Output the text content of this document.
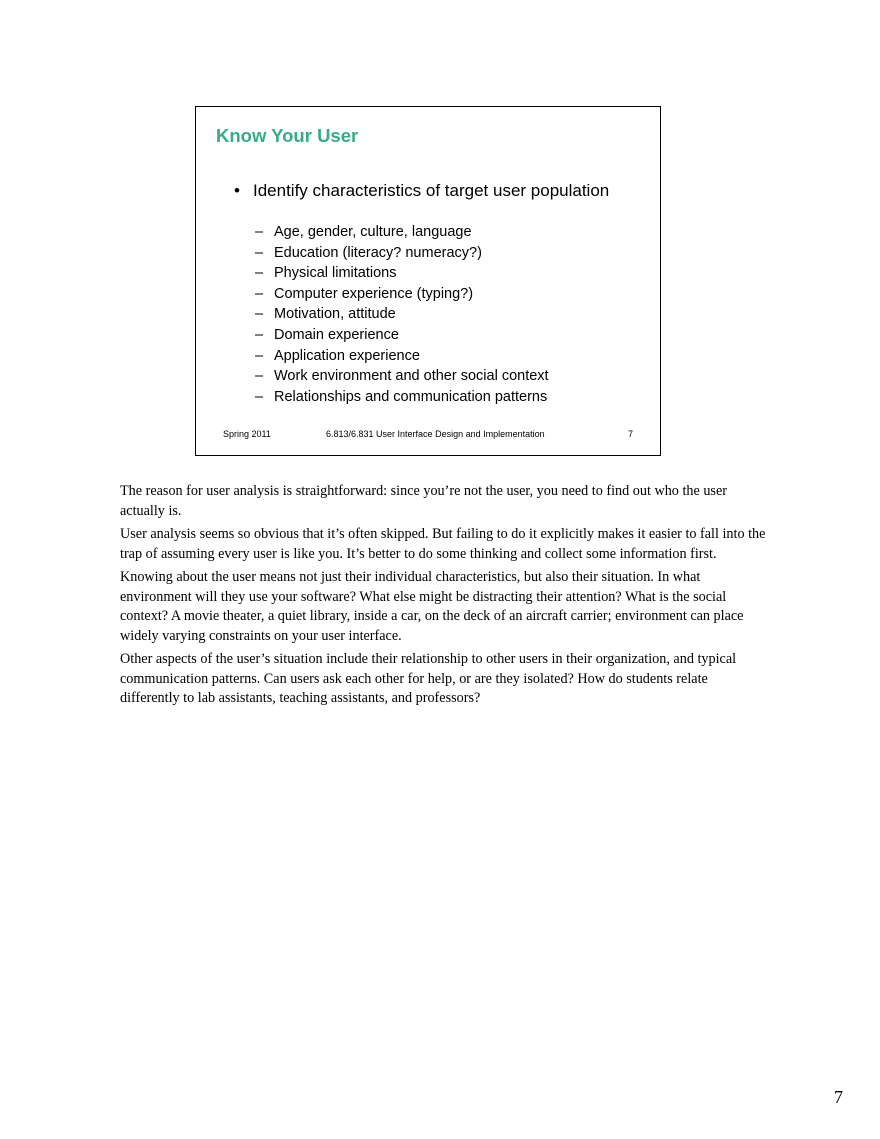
Know Your User
• Identify characteristics of target user population
– Age, gender, culture, language
– Education (literacy? numeracy?)
– Physical limitations
– Computer experience (typing?)
– Motivation, attitude
– Domain experience
– Application experience
– Work environment and other social context
– Relationships and communication patterns
Spring 2011	6.813/6.831 User Interface Design and Implementation	7

The reason for user analysis is straightforward: since you’re not the user, you need to find out who the user actually is.

User analysis seems so obvious that it’s often skipped. But failing to do it explicitly makes it easier to fall into the trap of assuming every user is like you. It’s better to do some thinking and collect some information first.

Knowing about the user means not just their individual characteristics, but also their situation. In what environment will they use your software? What else might be distracting their attention? What is the social context? A movie theater, a quiet library, inside a car, on the deck of an aircraft carrier; environment can place widely varying constraints on your user interface.

Other aspects of the user’s situation include their relationship to other users in their organization, and typical communication patterns. Can users ask each other for help, or are they isolated? How do students relate differently to lab assistants, teaching assistants, and professors?

7
